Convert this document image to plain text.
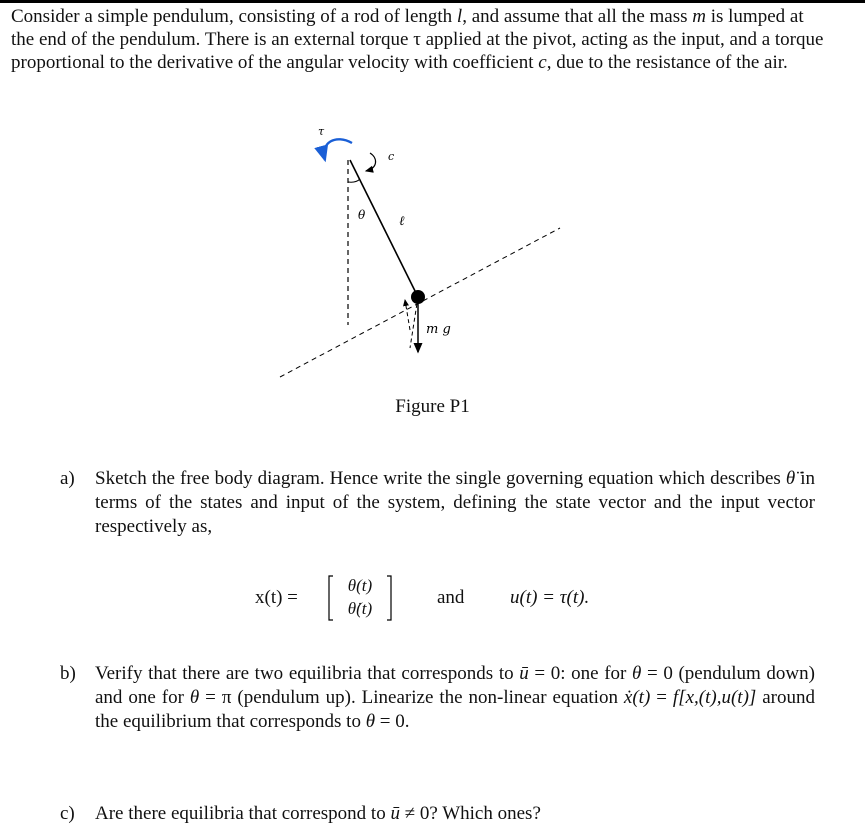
Consider a simple pendulum, consisting of a rod of length l, and assume that all the mass m is lumped at the end of the pendulum. There is an external torque τ applied at the pivot, acting as the input, and a torque proportional to the derivative of the angular velocity with coefficient c, due to the resistance of the air.
τ
c
θ	ℓ
m g
Figure P1
a) Sketch the free body diagram. Hence write the single governing equation which describes θ̈ in terms of the states and input of the system, defining the state vector and the input vector respectively as,
x(t) =
θ(t)
θ̇(t)
and u(t) = τ(t).
b) Verify that there are two equilibria that corresponds to ū = 0: one for θ = 0 (pendulum down) and one for θ = π (pendulum up). Linearize the non-linear equation ẋ(t) = f[x,(t),u(t)] around the equilibrium that corresponds to θ = 0.
c) Are there equilibria that correspond to ū ≠ 0? Which ones?
